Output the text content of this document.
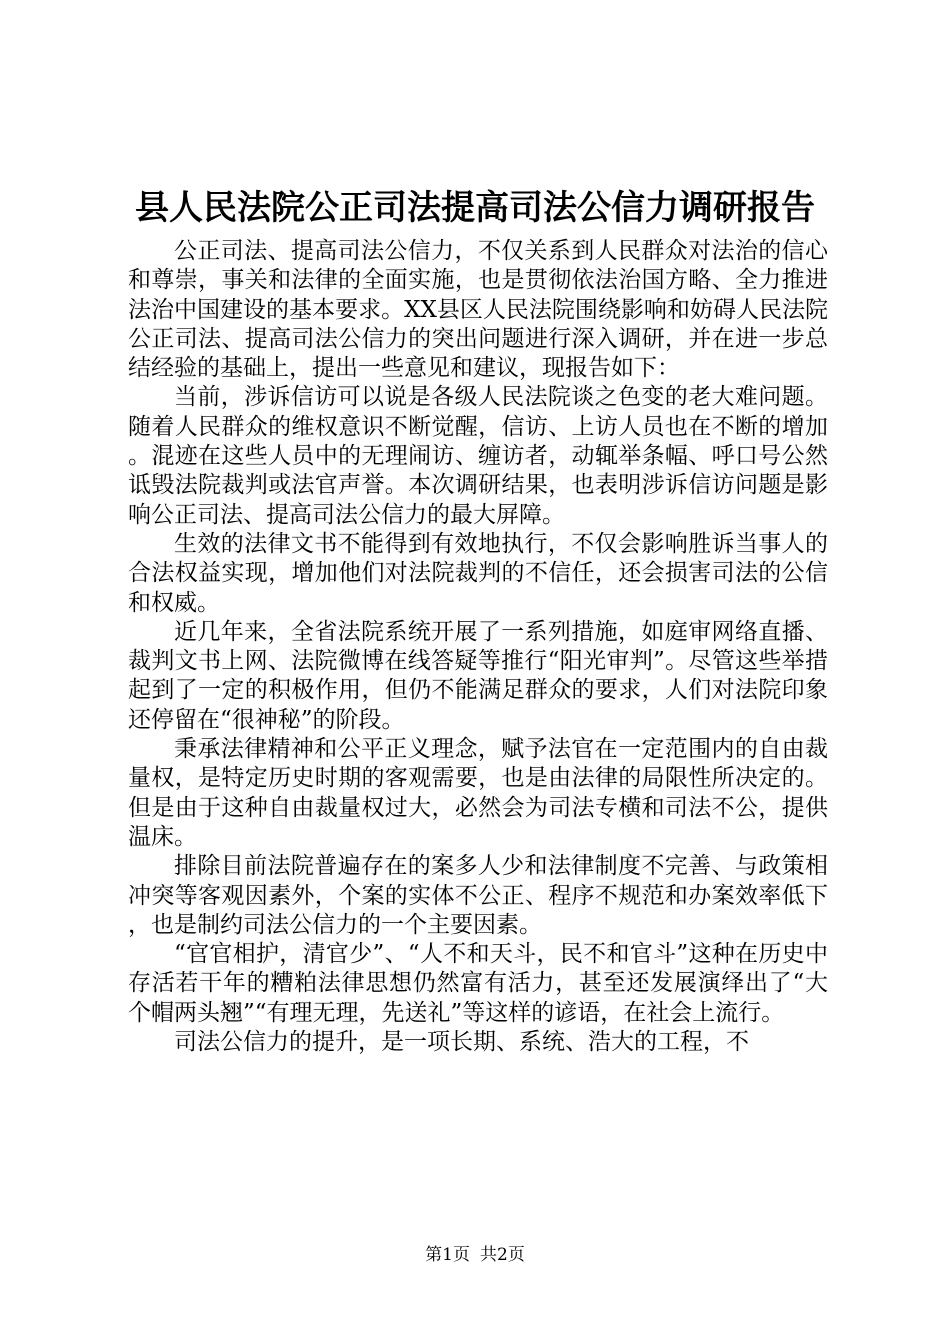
县人民法院公正司法提高司法公信力调研报告

公正司法、提高司法公信力，不仅关系到人民群众对法治的信心和尊崇，事关和法律的全面实施，也是贯彻依法治国方略、全力推进法治中国建设的基本要求。XX县区人民法院围绕影响和妨碍人民法院公正司法、提高司法公信力的突出问题进行深入调研，并在进一步总结经验的基础上，提出一些意见和建议，现报告如下：

当前，涉诉信访可以说是各级人民法院谈之色变的老大难问题。随着人民群众的维权意识不断觉醒，信访、上访人员也在不断的增加。混迹在这些人员中的无理闹访、缠访者，动辄举条幅、呼口号公然诋毁法院裁判或法官声誉。本次调研结果，也表明涉诉信访问题是影响公正司法、提高司法公信力的最大屏障。

生效的法律文书不能得到有效地执行，不仅会影响胜诉当事人的合法权益实现，增加他们对法院裁判的不信任，还会损害司法的公信和权威。

近几年来，全省法院系统开展了一系列措施，如庭审网络直播、裁判文书上网、法院微博在线答疑等推行“阳光审判”。尽管这些举措起到了一定的积极作用，但仍不能满足群众的要求，人们对法院印象还停留在“很神秘”的阶段。

秉承法律精神和公平正义理念，赋予法官在一定范围内的自由裁量权，是特定历史时期的客观需要，也是由法律的局限性所决定的。但是由于这种自由裁量权过大，必然会为司法专横和司法不公，提供温床。

排除目前法院普遍存在的案多人少和法律制度不完善、与政策相冲突等客观因素外，个案的实体不公正、程序不规范和办案效率低下，也是制约司法公信力的一个主要因素。

“官官相护，清官少”、“人不和天斗，民不和官斗”这种在历史中存活若干年的糟粕法律思想仍然富有活力，甚至还发展演绎出了“大个帽两头翘”“有理无理，先送礼”等这样的谚语，在社会上流行。

司法公信力的提升，是一项长期、系统、浩大的工程，不

第1页 共2页
